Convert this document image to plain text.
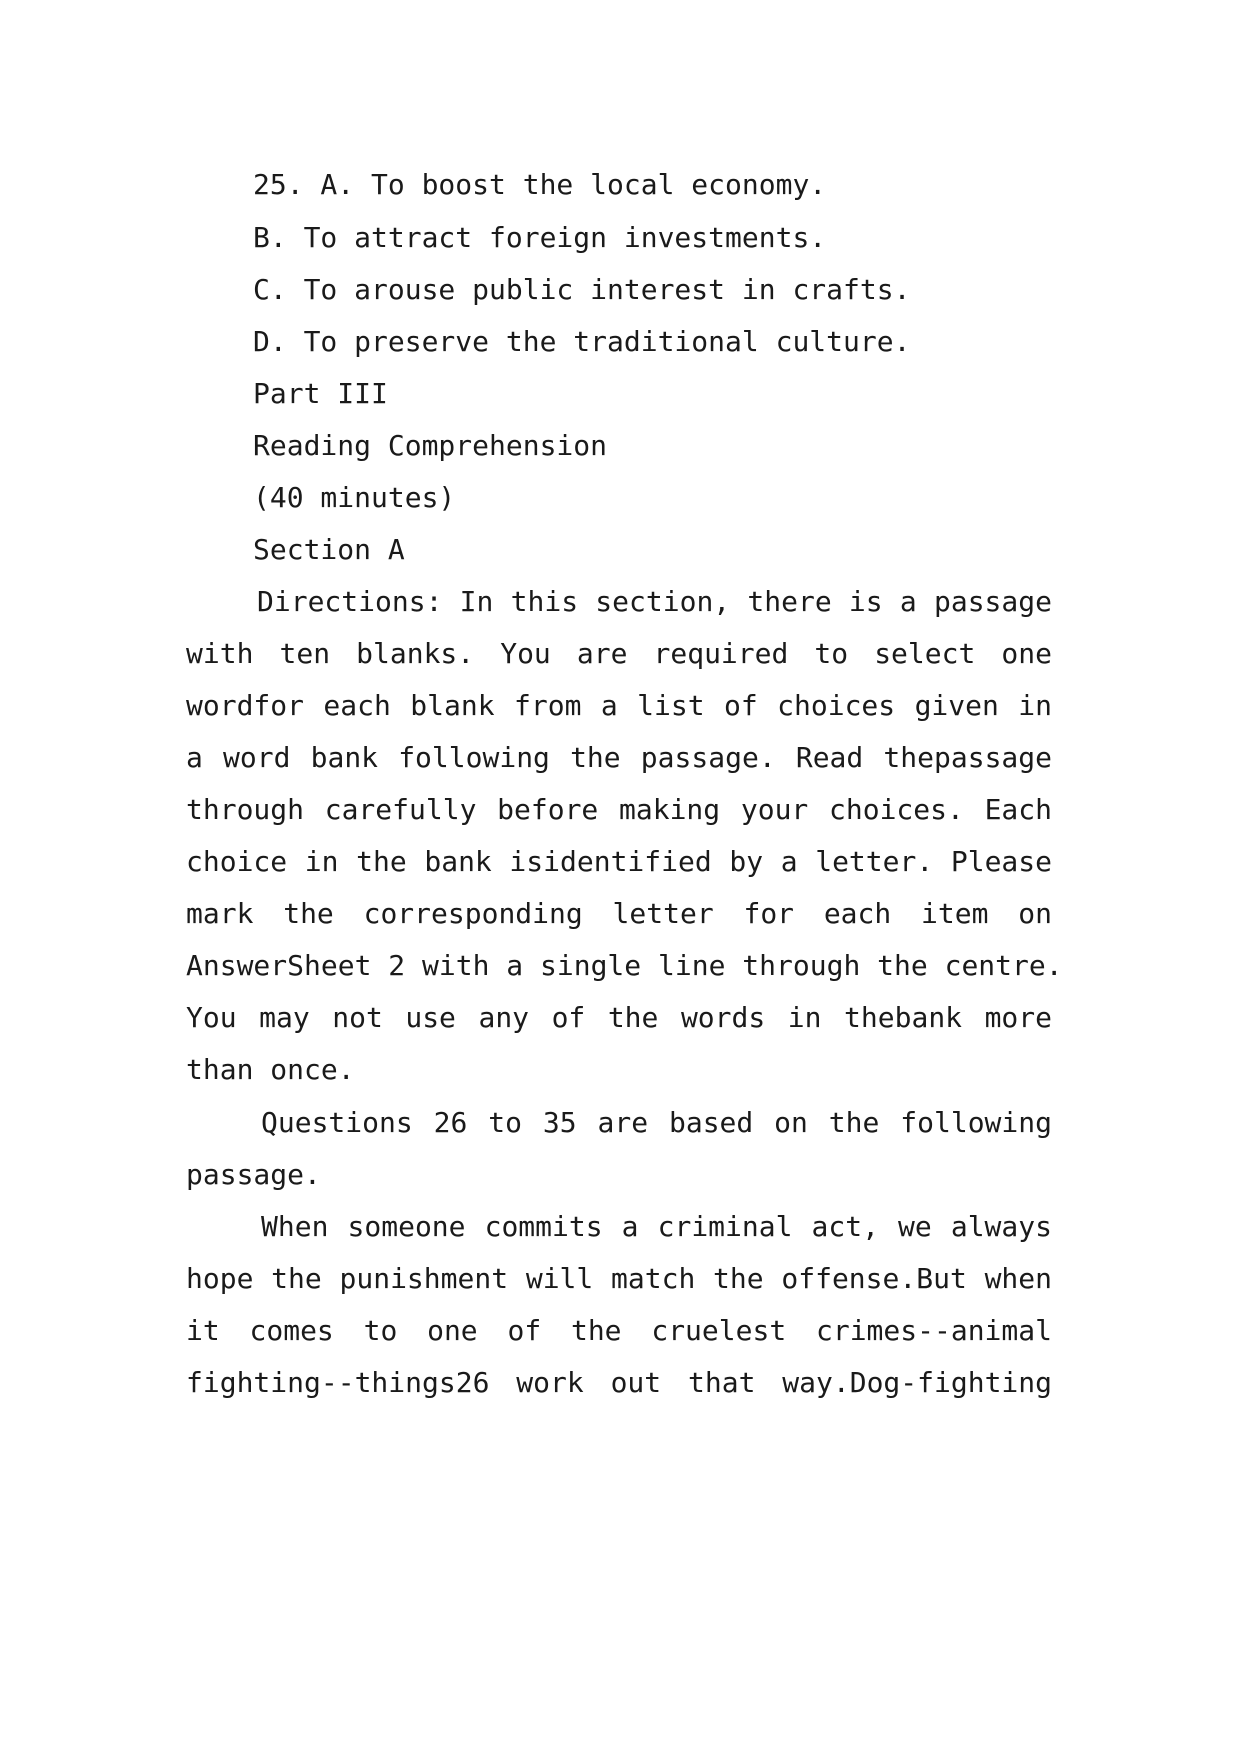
25. A. To boost the local economy.
B. To attract foreign investments.
C. To arouse public interest in crafts.
D. To preserve the traditional culture.
Part III
Reading Comprehension
(40 minutes)
Section A
Directions: In this section, there is a passage
with ten blanks. You are required to select one
wordfor each blank from a list of choices given in
a word bank following the passage. Read thepassage
through carefully before making your choices. Each
choice in the bank isidentified by a letter. Please
mark the corresponding letter for each item on
AnswerSheet 2 with a single line through the centre.
You may not use any of the words in thebank more
than once.
Questions 26 to 35 are based on the following
passage.
When someone commits a criminal act, we always
hope the punishment will match the offense.But when
it comes to one of the cruelest crimes--animal
fighting--things26 work out that way.Dog-fighting
